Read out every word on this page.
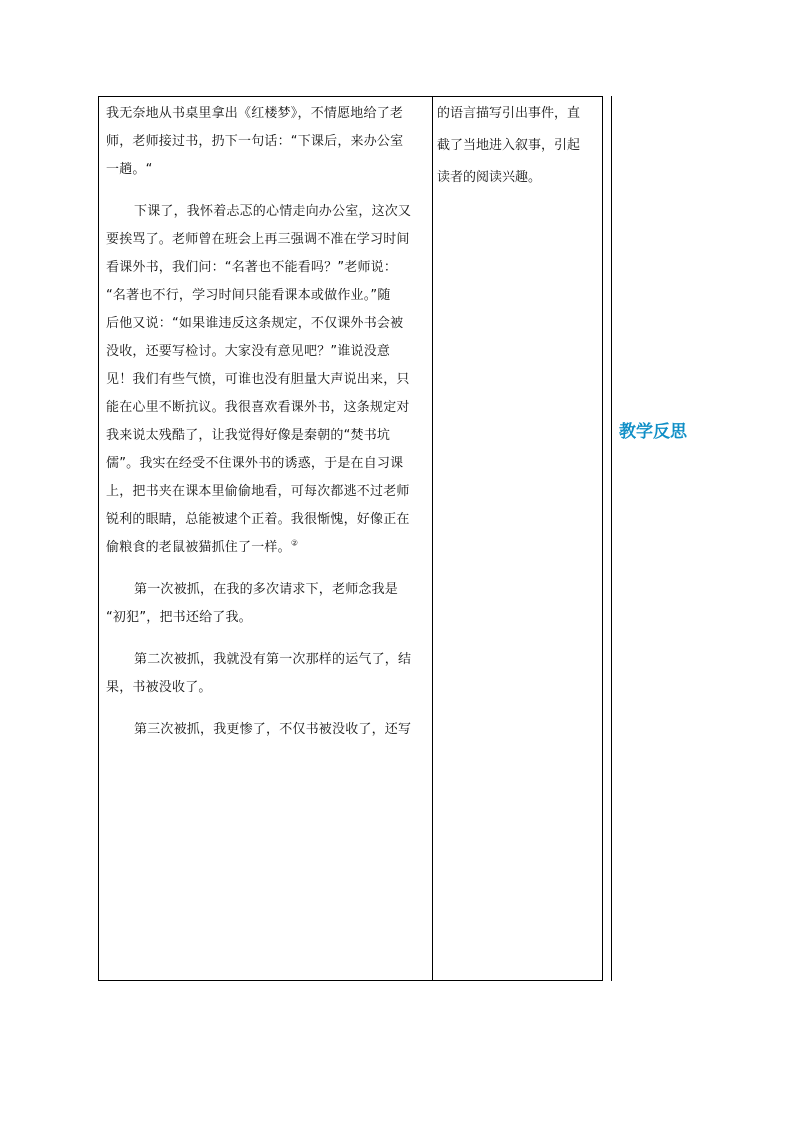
我无奈地从书桌里拿出《红楼梦》，不情愿地给了老
师，老师接过书，扔下一句话：“下课后，来办公室
一趟。“
下课了，我怀着忐忑的心情走向办公室，这次又
要挨骂了。老师曾在班会上再三强调不准在学习时间
看课外书，我们问：“名著也不能看吗？”老师说：
“名著也不行，学习时间只能看课本或做作业。”随
后他又说：“如果谁违反这条规定，不仅课外书会被
没收，还要写检讨。大家没有意见吧？”谁说没意
见！我们有些气愤，可谁也没有胆量大声说出来，只
能在心里不断抗议。我很喜欢看课外书，这条规定对
我来说太残酷了，让我觉得好像是秦朝的“焚书坑
儒”。我实在经受不住课外书的诱惑，于是在自习课
上，把书夹在课本里偷偷地看，可每次都逃不过老师
锐利的眼睛，总能被逮个正着。我很惭愧，好像正在
偷粮食的老鼠被猫抓住了一样。②
第一次被抓，在我的多次请求下，老师念我是
“初犯”，把书还给了我。
第二次被抓，我就没有第一次那样的运气了，结
果，书被没收了。
第三次被抓，我更惨了，不仅书被没收了，还写
的语言描写引出事件，直
截了当地进入叙事，引起
读者的阅读兴趣。
教学反思
